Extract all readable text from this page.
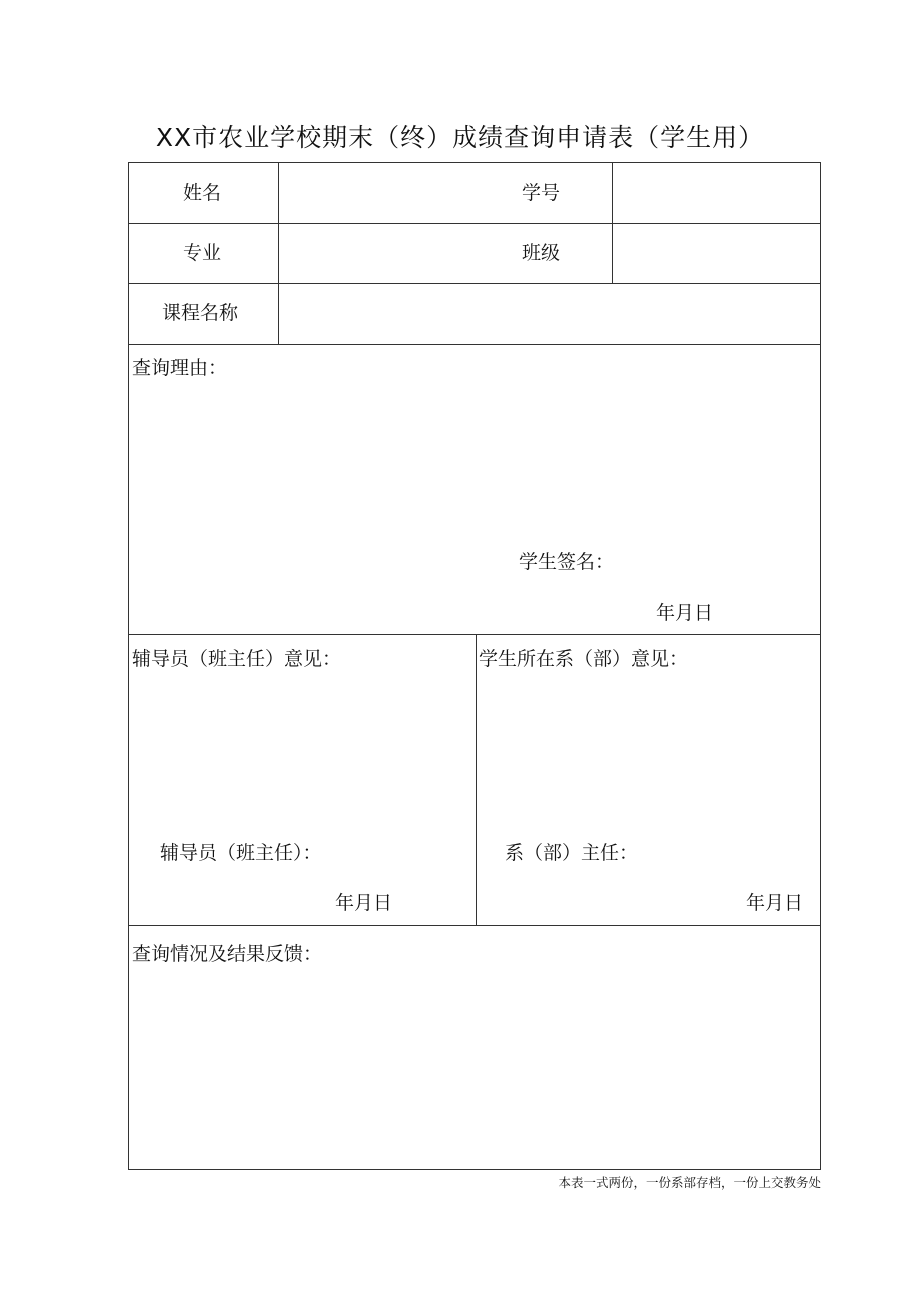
XX市农业学校期末（终）成绩查询申请表（学生用）
姓名	学号
专业	班级
课程名称
查询理由：
学生签名：
年月日
辅导员（班主任）意见：
辅导员（班主任）：
年月日
学生所在系（部）意见：
系（部）主任：
年月日
查询情况及结果反馈：
本表一式两份，一份系部存档，一份上交教务处
